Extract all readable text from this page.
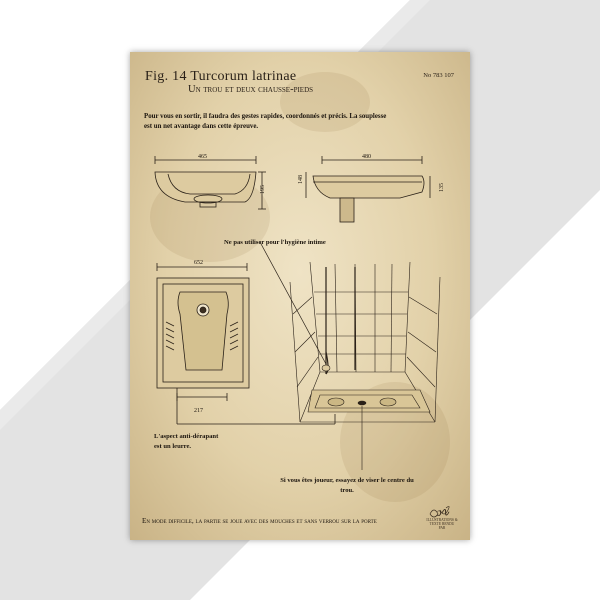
Fig. 14 Turcorum latrinae
Un trou et deux chausse-pieds
No 783 107
Pour vous en sortir, il faudra des gestes rapides, coordonnés et précis. La souplesse est un net avantage dans cette épreuve.
465
195
480
148
135
652
217
Ne pas utiliser pour l'hygiène intime
L'aspect anti-dérapant est un leurre.
Si vous êtes joueur, essayez de viser le centre du trou.
En mode difficile, la partie se joue avec des mouches et sans verrou sur la porte
ↄ∿
ILLUSTRATIONS & TEXTE RENDU PAR
